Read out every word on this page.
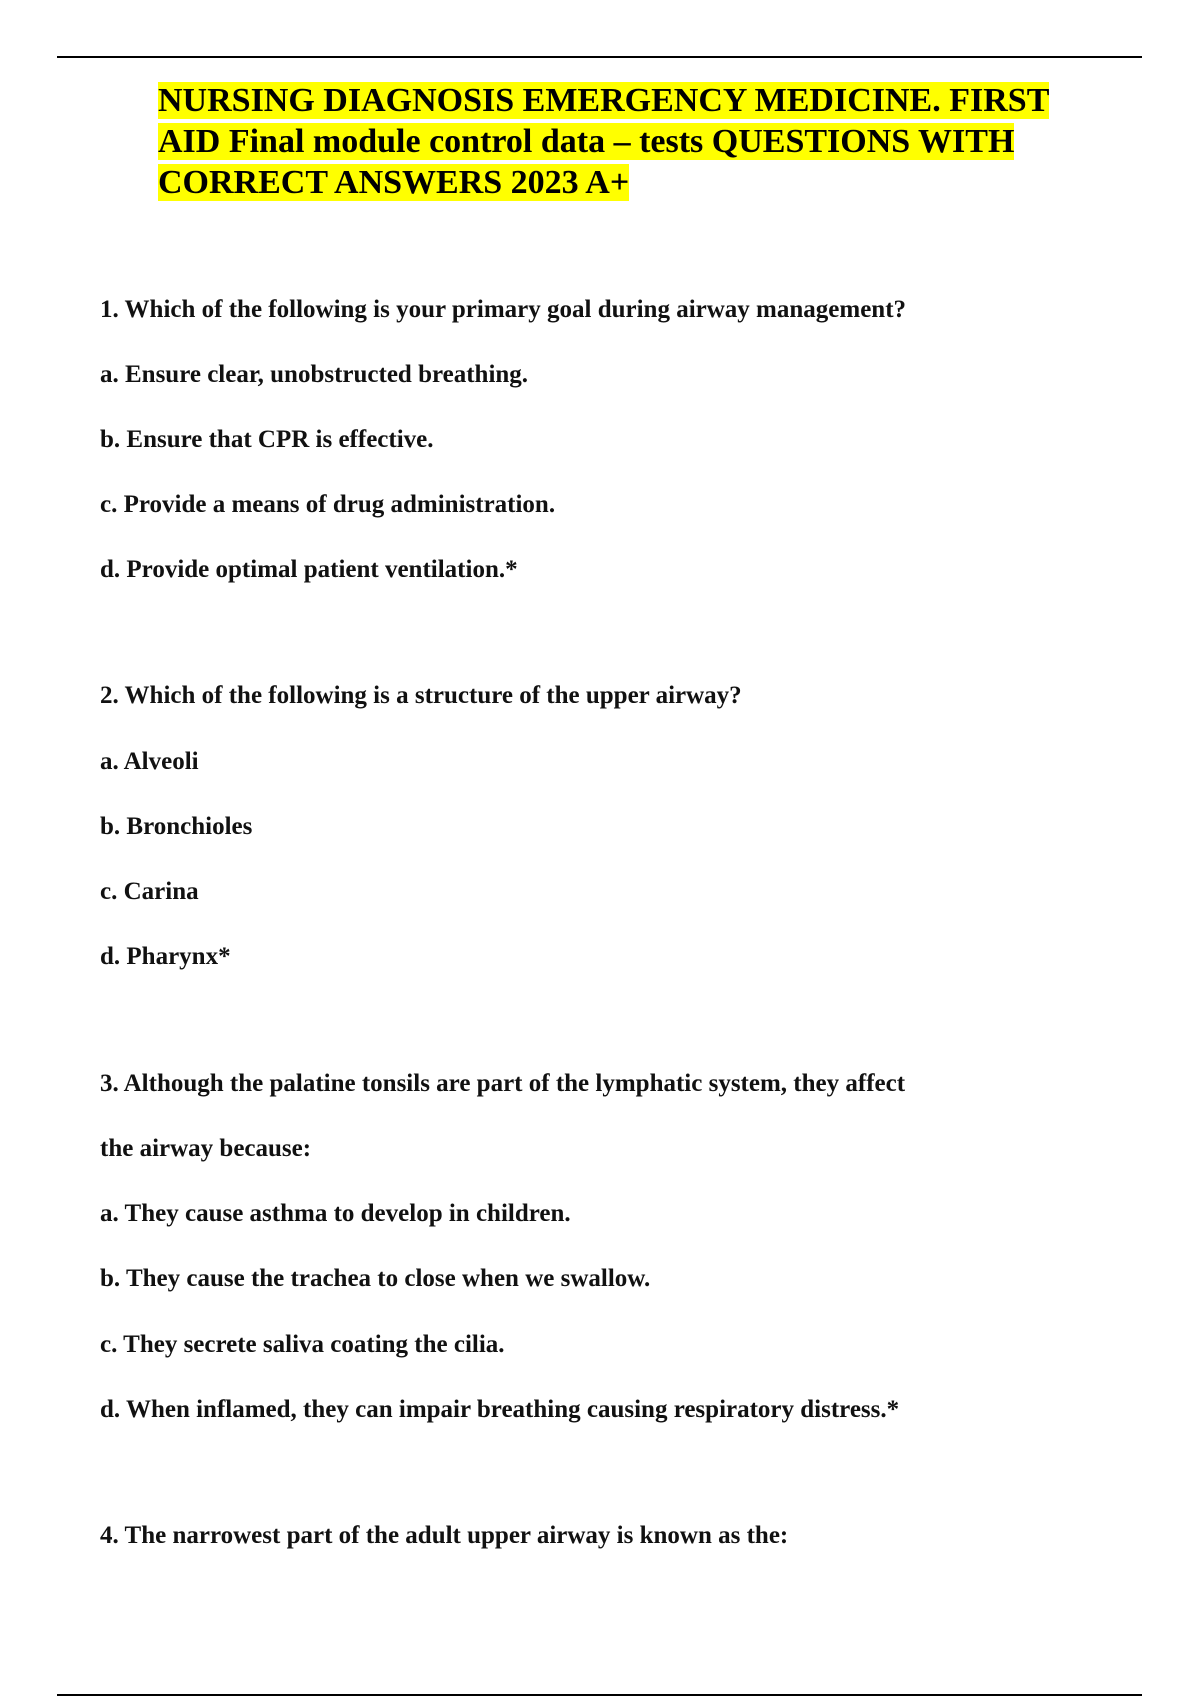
NURSING DIAGNOSIS EMERGENCY MEDICINE. FIRST
AID Final module control data – tests QUESTIONS WITH
CORRECT ANSWERS 2023 A+
1. Which of the following is your primary goal during airway management?
a. Ensure clear, unobstructed breathing.
b. Ensure that CPR is effective.
c. Provide a means of drug administration.
d. Provide optimal patient ventilation.*
2. Which of the following is a structure of the upper airway?
a. Alveoli
b. Bronchioles
c. Carina
d. Pharynx*
3. Although the palatine tonsils are part of the lymphatic system, they affect
the airway because:
a. They cause asthma to develop in children.
b. They cause the trachea to close when we swallow.
c. They secrete saliva coating the cilia.
d. When inflamed, they can impair breathing causing respiratory distress.*
4. The narrowest part of the adult upper airway is known as the:
